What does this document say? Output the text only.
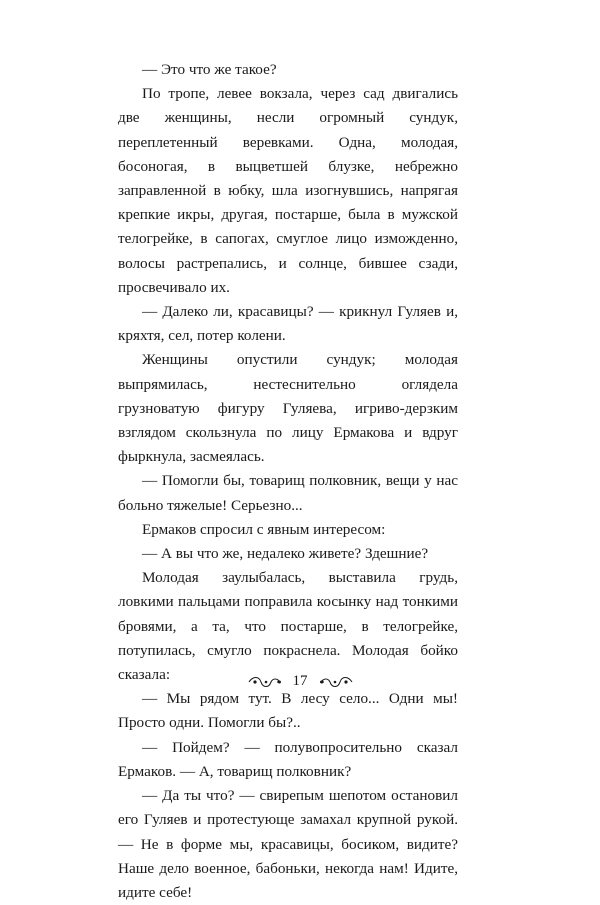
— Это что же такое?

По тропе, левее вокзала, через сад двигались две женщины, несли огромный сундук, переплетенный веревками. Одна, молодая, босоногая, в выцветшей блузке, небрежно заправленной в юбку, шла изогнувшись, напрягая крепкие икры, другая, постарше, была в мужской телогрейке, в сапогах, смуглое лицо изможденно, волосы растрепались, и солнце, бившее сзади, просвечивало их.

— Далеко ли, красавицы? — крикнул Гуляев и, кряхтя, сел, потер колени.

Женщины опустили сундук; молодая выпрямилась, нестеснительно оглядела грузноватую фигуру Гуляева, игриво-дерзким взглядом скользнула по лицу Ермакова и вдруг фыркнула, засмеялась.

— Помогли бы, товарищ полковник, вещи у нас больно тяжелые! Серьезно...

Ермаков спросил с явным интересом:

— А вы что же, недалеко живете? Здешние?

Молодая заулыбалась, выставила грудь, ловкими пальцами поправила косынку над тонкими бровями, а та, что постарше, в телогрейке, потупилась, смугло покраснела. Молодая бойко сказала:

— Мы рядом тут. В лесу село... Одни мы! Просто одни. Помогли бы?..

— Пойдем? — полувопросительно сказал Ермаков. — А, товарищ полковник?

— Да ты что? — свирепым шепотом остановил его Гуляев и протестующе замахал крупной рукой. — Не в форме мы, красавицы, босиком, видите? Наше дело военное, бабоньки, некогда нам! Идите, идите себе!

17
